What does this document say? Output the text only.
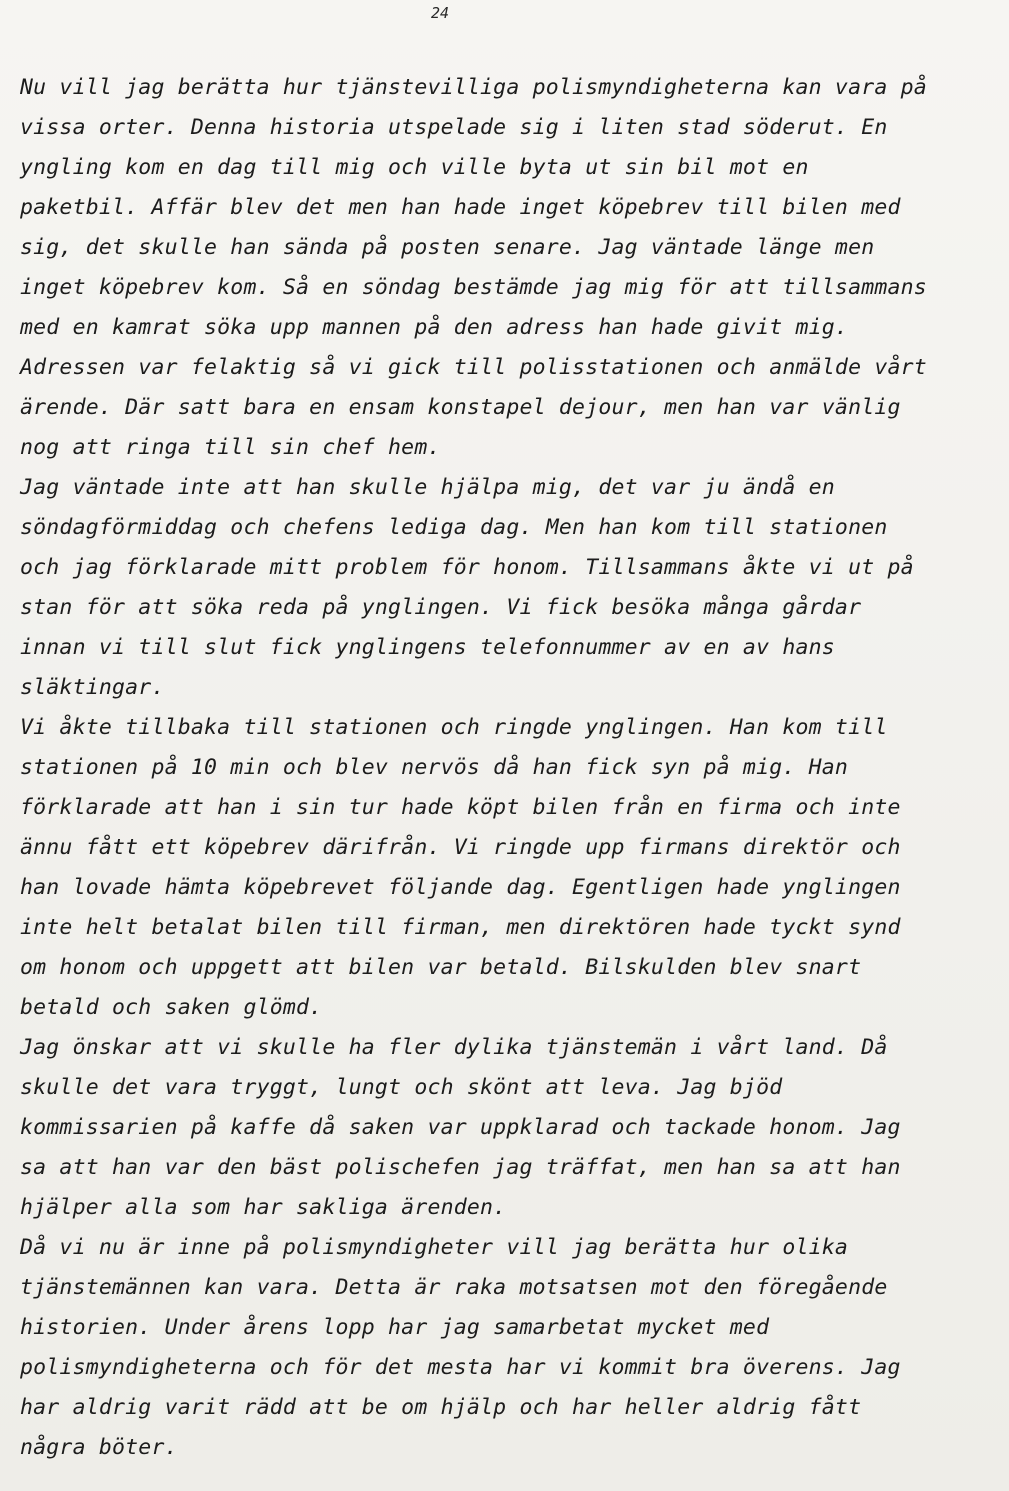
24
Nu vill jag berätta hur tjänstevilliga polismyndigheterna kan vara på
vissa orter. Denna historia utspelade sig i liten stad söderut. En
yngling kom en dag till mig och ville byta ut sin bil mot en
paketbil. Affär blev det men han hade inget köpebrev till bilen med
sig, det skulle han sända på posten senare. Jag väntade länge men
inget köpebrev kom. Så en söndag bestämde jag mig för att tillsammans
med en kamrat söka upp mannen på den adress han hade givit mig.
Adressen var felaktig så vi gick till polisstationen och anmälde vårt
ärende. Där satt bara en ensam konstapel dejour, men han var vänlig
nog att ringa till sin chef hem.
Jag väntade inte att han skulle hjälpa mig, det var ju ändå en
söndagförmiddag och chefens lediga dag. Men han kom till stationen
och jag förklarade mitt problem för honom. Tillsammans åkte vi ut på
stan för att söka reda på ynglingen. Vi fick besöka många gårdar
innan vi till slut fick ynglingens telefonnummer av en av hans
släktingar.
Vi åkte tillbaka till stationen och ringde ynglingen. Han kom till
stationen på 10 min och blev nervös då han fick syn på mig. Han
förklarade att han i sin tur hade köpt bilen från en firma och inte
ännu fått ett köpebrev därifrån. Vi ringde upp firmans direktör och
han lovade hämta köpebrevet följande dag. Egentligen hade ynglingen
inte helt betalat bilen till firman, men direktören hade tyckt synd
om honom och uppgett att bilen var betald. Bilskulden blev snart
betald och saken glömd.
Jag önskar att vi skulle ha fler dylika tjänstemän i vårt land. Då
skulle det vara tryggt, lungt och skönt att leva. Jag bjöd
kommissarien på kaffe då saken var uppklarad och tackade honom. Jag
sa att han var den bäst polischefen jag träffat, men han sa att han
hjälper alla som har sakliga ärenden.
Då vi nu är inne på polismyndigheter vill jag berätta hur olika
tjänstemännen kan vara. Detta är raka motsatsen mot den föregående
historien. Under årens lopp har jag samarbetat mycket med
polismyndigheterna och för det mesta har vi kommit bra överens. Jag
har aldrig varit rädd att be om hjälp och har heller aldrig fått
några böter.
